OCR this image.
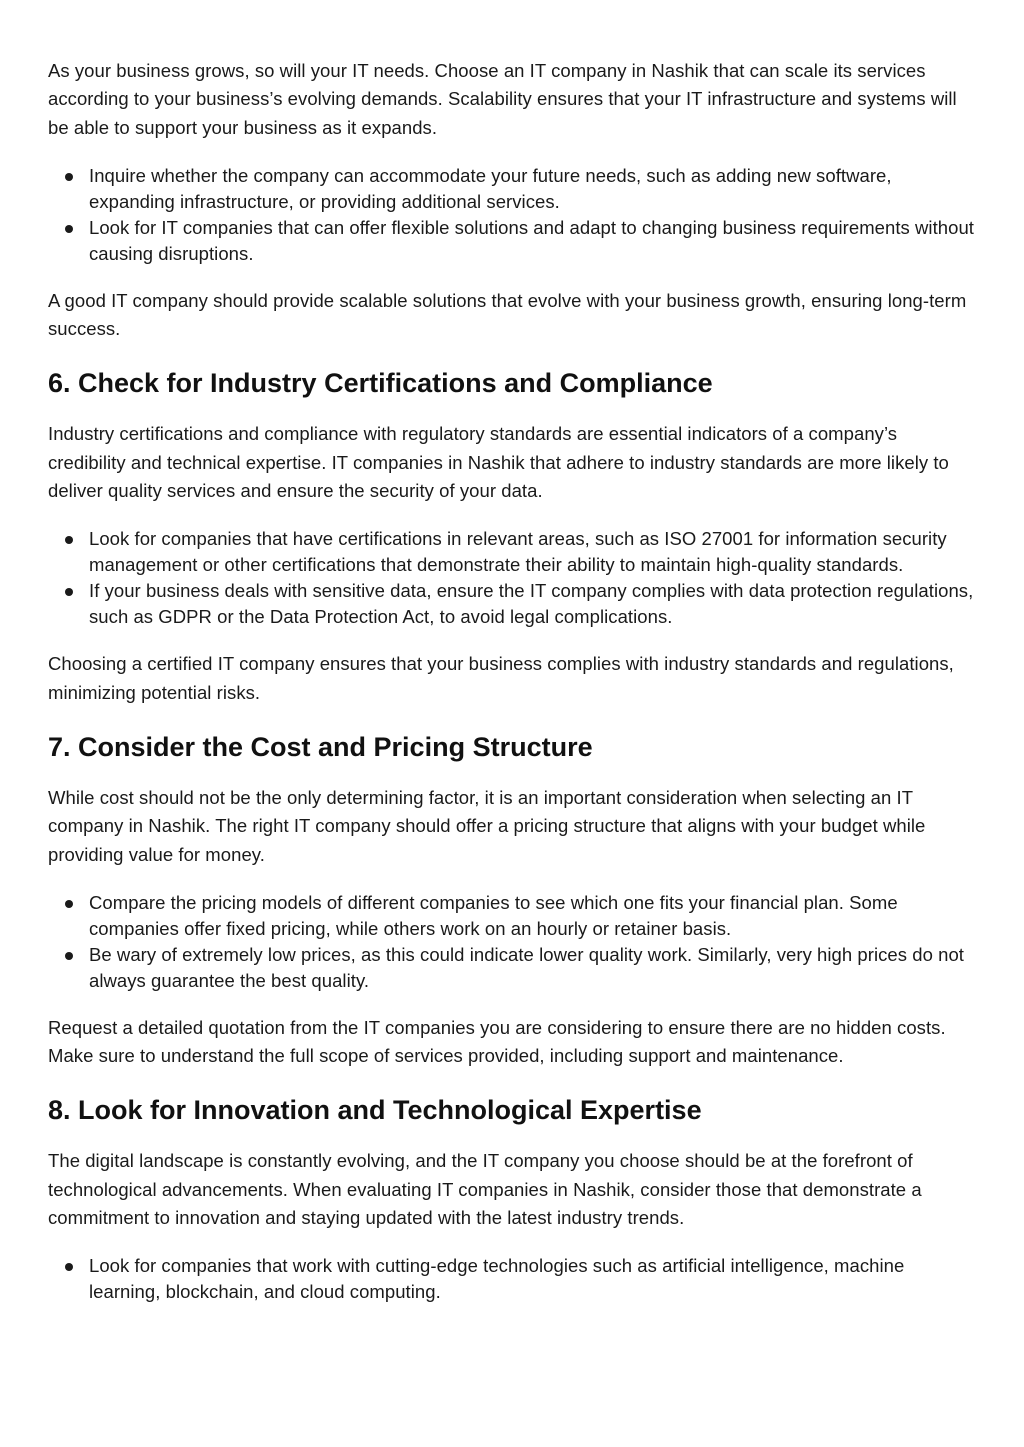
As your business grows, so will your IT needs. Choose an IT company in Nashik that can scale its services according to your business’s evolving demands. Scalability ensures that your IT infrastructure and systems will be able to support your business as it expands.

Inquire whether the company can accommodate your future needs, such as adding new software, expanding infrastructure, or providing additional services.
Look for IT companies that can offer flexible solutions and adapt to changing business requirements without causing disruptions.

A good IT company should provide scalable solutions that evolve with your business growth, ensuring long-term success.

6. Check for Industry Certifications and Compliance

Industry certifications and compliance with regulatory standards are essential indicators of a company’s credibility and technical expertise. IT companies in Nashik that adhere to industry standards are more likely to deliver quality services and ensure the security of your data.

Look for companies that have certifications in relevant areas, such as ISO 27001 for information security management or other certifications that demonstrate their ability to maintain high-quality standards.
If your business deals with sensitive data, ensure the IT company complies with data protection regulations, such as GDPR or the Data Protection Act, to avoid legal complications.

Choosing a certified IT company ensures that your business complies with industry standards and regulations, minimizing potential risks.

7. Consider the Cost and Pricing Structure

While cost should not be the only determining factor, it is an important consideration when selecting an IT company in Nashik. The right IT company should offer a pricing structure that aligns with your budget while providing value for money.

Compare the pricing models of different companies to see which one fits your financial plan. Some companies offer fixed pricing, while others work on an hourly or retainer basis.
Be wary of extremely low prices, as this could indicate lower quality work. Similarly, very high prices do not always guarantee the best quality.

Request a detailed quotation from the IT companies you are considering to ensure there are no hidden costs. Make sure to understand the full scope of services provided, including support and maintenance.

8. Look for Innovation and Technological Expertise

The digital landscape is constantly evolving, and the IT company you choose should be at the forefront of technological advancements. When evaluating IT companies in Nashik, consider those that demonstrate a commitment to innovation and staying updated with the latest industry trends.

Look for companies that work with cutting-edge technologies such as artificial intelligence, machine learning, blockchain, and cloud computing.
